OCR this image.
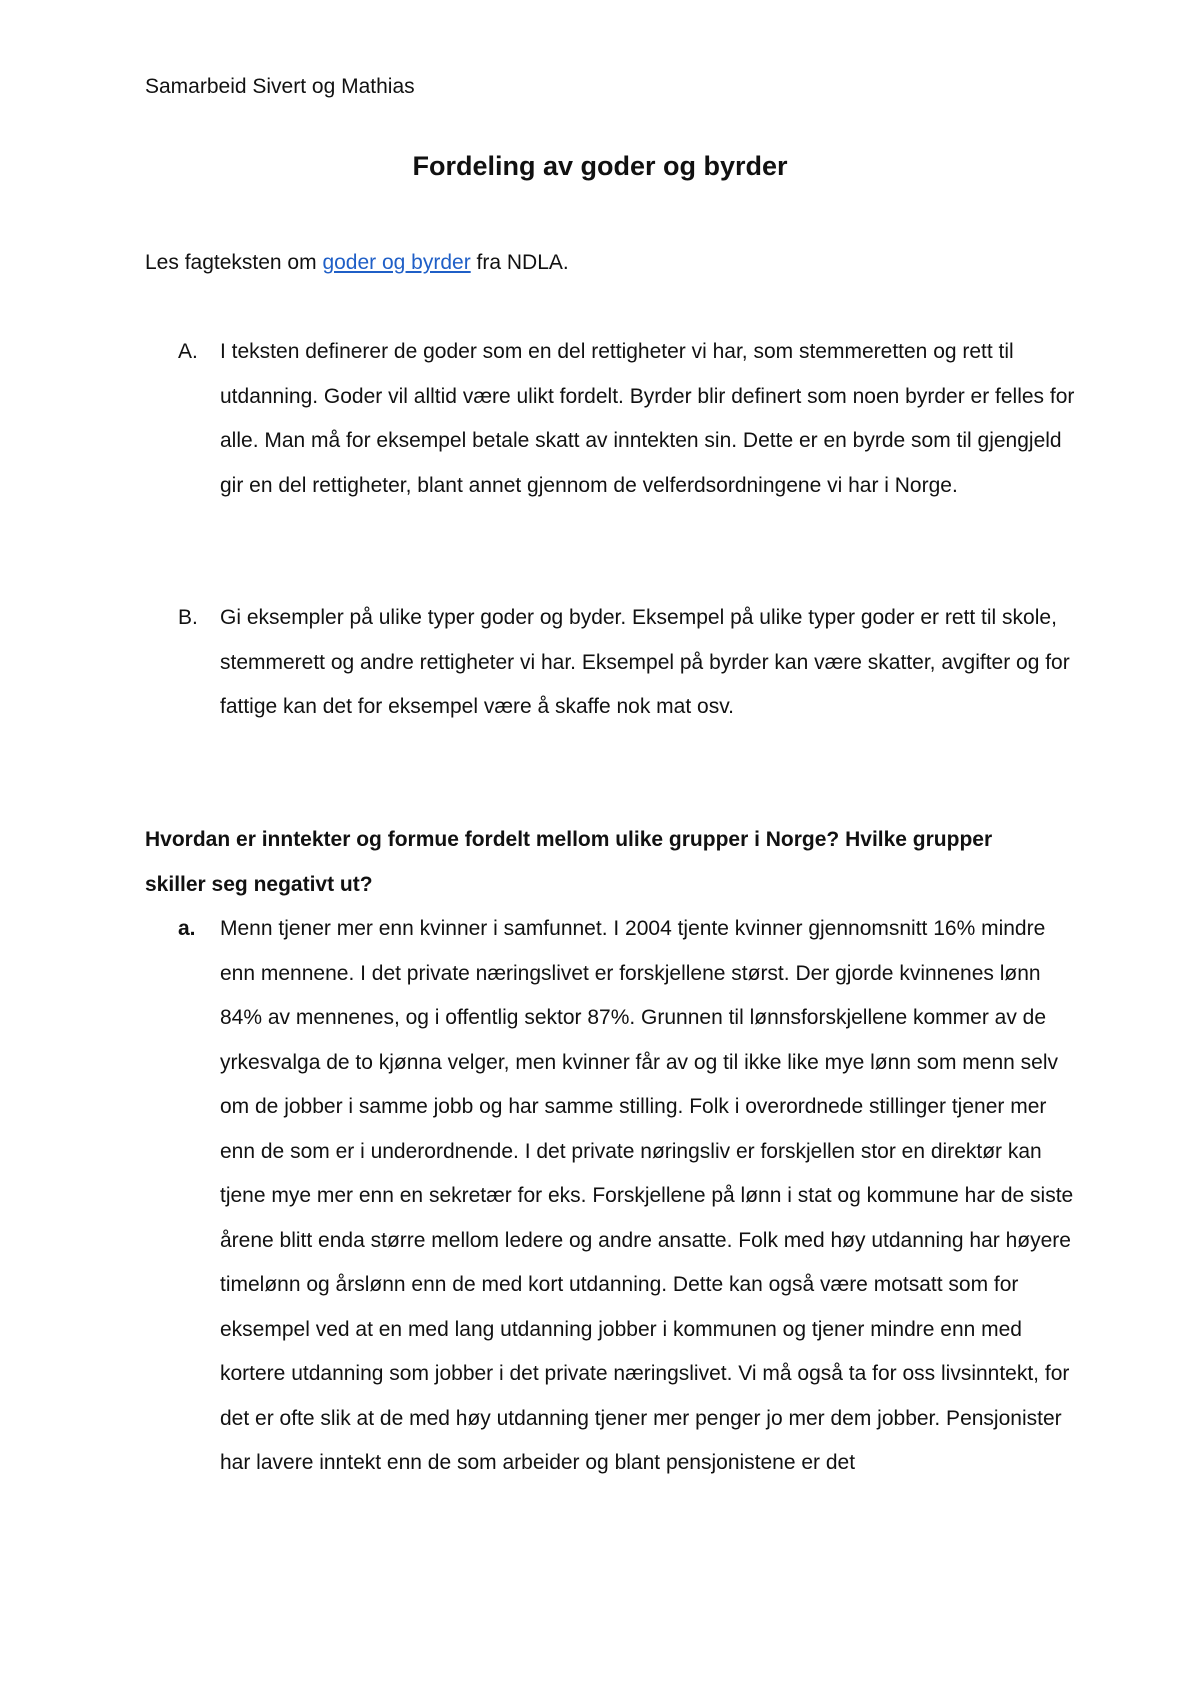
Samarbeid Sivert og Mathias
Fordeling av goder og byrder
Les fagteksten om goder og byrder fra NDLA.
A. I teksten definerer de goder som en del rettigheter vi har, som stemmeretten og rett til utdanning. Goder vil alltid være ulikt fordelt. Byrder blir definert som noen byrder er felles for alle. Man må for eksempel betale skatt av inntekten sin. Dette er en byrde som til gjengjeld gir en del rettigheter, blant annet gjennom de velferdsordningene vi har i Norge.
B. Gi eksempler på ulike typer goder og byder. Eksempel på ulike typer goder er rett til skole, stemmerett og andre rettigheter vi har. Eksempel på byrder kan være skatter, avgifter og for fattige kan det for eksempel være å skaffe nok mat osv.
Hvordan er inntekter og formue fordelt mellom ulike grupper i Norge? Hvilke grupper skiller seg negativt ut?
a. Menn tjener mer enn kvinner i samfunnet. I 2004 tjente kvinner gjennomsnitt 16% mindre enn mennene. I det private næringslivet er forskjellene størst. Der gjorde kvinnenes lønn 84% av mennenes, og i offentlig sektor 87%. Grunnen til lønnsforskjellene kommer av de yrkesvalga de to kjønna velger, men kvinner får av og til ikke like mye lønn som menn selv om de jobber i samme jobb og har samme stilling. Folk i overordnede stillinger tjener mer enn de som er i underordnende. I det private nøringsliv er forskjellen stor en direktør kan tjene mye mer enn en sekretær for eks. Forskjellene på lønn i stat og kommune har de siste årene blitt enda større mellom ledere og andre ansatte. Folk med høy utdanning har høyere timelønn og årslønn enn de med kort utdanning. Dette kan også være motsatt som for eksempel ved at en med lang utdanning jobber i kommunen og tjener mindre enn med kortere utdanning som jobber i det private næringslivet. Vi må også ta for oss livsinntekt, for det er ofte slik at de med høy utdanning tjener mer penger jo mer dem jobber. Pensjonister har lavere inntekt enn de som arbeider og blant pensjonistene er det
